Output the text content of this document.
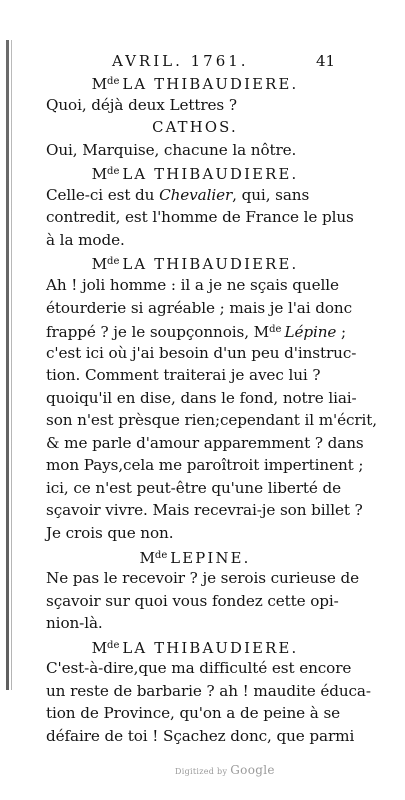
AVRIL. 1761.	41
Mde LA THIBAUDIERE.
Quoi, déjà deux Lettres ?
CATHOS.
Oui, Marquise, chacune la nôtre.
Mde LA THIBAUDIERE.
Celle-ci est du Chevalier, qui, sans
contredit, est l'homme de France le plus
à la mode.
Mde LA THIBAUDIERE.
Ah ! joli homme : il a je ne sçais quelle
étourderie si agréable ; mais je l'ai donc
frappé ? je le soupçonnois, Mde Lépine ;
c'est ici où j'ai besoin d'un peu d'instruc-
tion. Comment traiterai je avec lui ?
quoiqu'il en dise, dans le fond, notre liai-
son n'est prèsque rien;cependant il m'écrit,
& me parle d'amour apparemment ? dans
mon Pays,cela me paroîtroit impertinent ;
ici, ce n'est peut-être qu'une liberté de
sçavoir vivre. Mais recevrai-je son billet ?
Je crois que non.
Mde LEPINE.
Ne pas le recevoir ? je serois curieuse de
sçavoir sur quoi vous fondez cette opi-
nion-là.
Mde LA THIBAUDIERE.
C'est-à-dire,que ma difficulté est encore
un reste de barbarie ? ah ! maudite éduca-
tion de Province, qu'on a de peine à se
défaire de toi ! Sçachez donc, que parmi
Digitized by Google
